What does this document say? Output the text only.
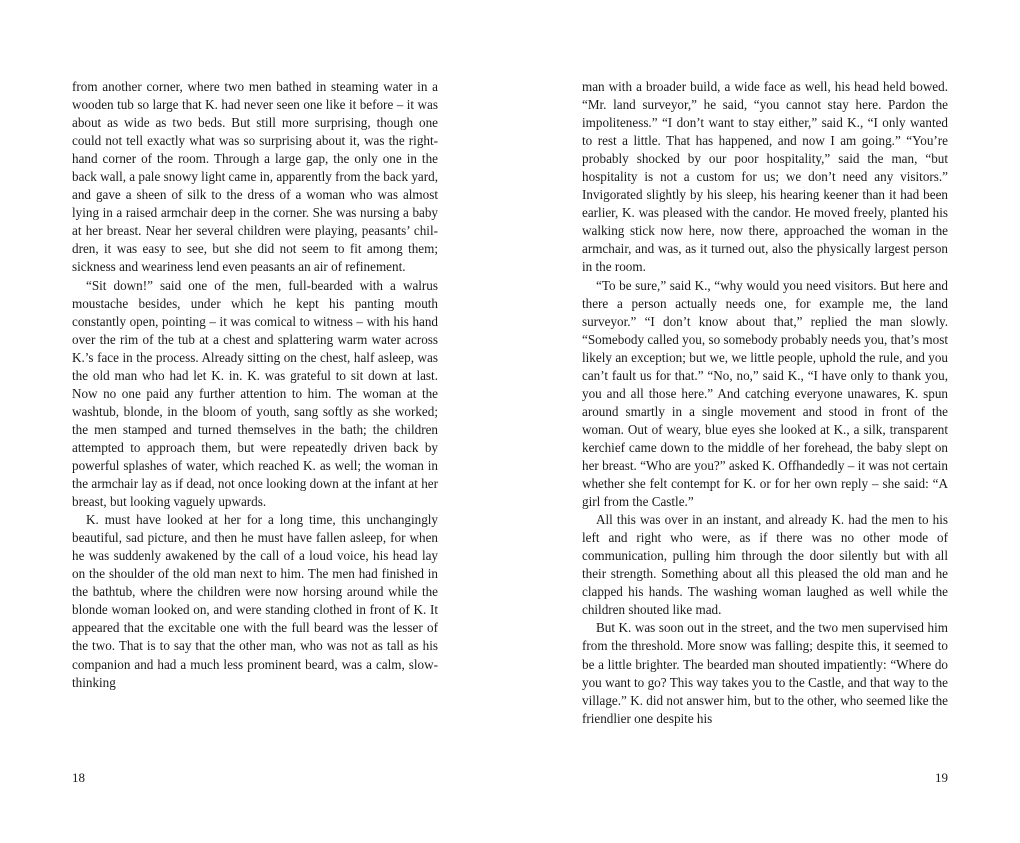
from another corner, where two men bathed in steaming water in a wooden tub so large that K. had never seen one like it before – it was about as wide as two beds. But still more surprising, though one could not tell exactly what was so surprising about it, was the right-hand corner of the room. Through a large gap, the only one in the back wall, a pale snowy light came in, apparently from the back yard, and gave a sheen of silk to the dress of a woman who was almost lying in a raised armchair deep in the corner. She was nursing a baby at her breast. Near her several children were playing, peasants’ children, it was easy to see, but she did not seem to fit among them; sickness and weariness lend even peasants an air of refinement.

“Sit down!” said one of the men, full-bearded with a walrus moustache besides, under which he kept his panting mouth constantly open, pointing – it was comical to witness – with his hand over the rim of the tub at a chest and splattering warm water across K.’s face in the process. Already sitting on the chest, half asleep, was the old man who had let K. in. K. was grateful to sit down at last. Now no one paid any further attention to him. The woman at the washtub, blonde, in the bloom of youth, sang softly as she worked; the men stamped and turned themselves in the bath; the children attempted to approach them, but were repeatedly driven back by powerful splashes of water, which reached K. as well; the woman in the armchair lay as if dead, not once looking down at the infant at her breast, but looking vaguely upwards.

K. must have looked at her for a long time, this unchangingly beautiful, sad picture, and then he must have fallen asleep, for when he was suddenly awakened by the call of a loud voice, his head lay on the shoulder of the old man next to him. The men had finished in the bathtub, where the children were now horsing around while the blonde woman looked on, and were standing clothed in front of K. It appeared that the excitable one with the full beard was the lesser of the two. That is to say that the other man, who was not as tall as his companion and had a much less prominent beard, was a calm, slow-thinking

18

man with a broader build, a wide face as well, his head held bowed. “Mr. land surveyor,” he said, “you cannot stay here. Pardon the impoliteness.” “I don’t want to stay either,” said K., “I only wanted to rest a little. That has happened, and now I am going.” “You’re probably shocked by our poor hospitality,” said the man, “but hospitality is not a custom for us; we don’t need any visitors.” Invigorated slightly by his sleep, his hearing keener than it had been earlier, K. was pleased with the candor. He moved freely, planted his walking stick now here, now there, approached the woman in the armchair, and was, as it turned out, also the physically largest person in the room.

“To be sure,” said K., “why would you need visitors. But here and there a person actually needs one, for example me, the land surveyor.” “I don’t know about that,” replied the man slowly. “Somebody called you, so somebody probably needs you, that’s most likely an exception; but we, we little people, uphold the rule, and you can’t fault us for that.” “No, no,” said K., “I have only to thank you, you and all those here.” And catching everyone unawares, K. spun around smartly in a single movement and stood in front of the woman. Out of weary, blue eyes she looked at K., a silk, transparent kerchief came down to the middle of her forehead, the baby slept on her breast. “Who are you?” asked K. Offhandedly – it was not certain whether she felt contempt for K. or for her own reply – she said: “A girl from the Castle.”

All this was over in an instant, and already K. had the men to his left and right who were, as if there was no other mode of communication, pulling him through the door silently but with all their strength. Something about all this pleased the old man and he clapped his hands. The washing woman laughed as well while the children shouted like mad.

But K. was soon out in the street, and the two men supervised him from the threshold. More snow was falling; despite this, it seemed to be a little brighter. The bearded man shouted impatiently: “Where do you want to go? This way takes you to the Castle, and that way to the village.” K. did not answer him, but to the other, who seemed like the friendlier one despite his

19
